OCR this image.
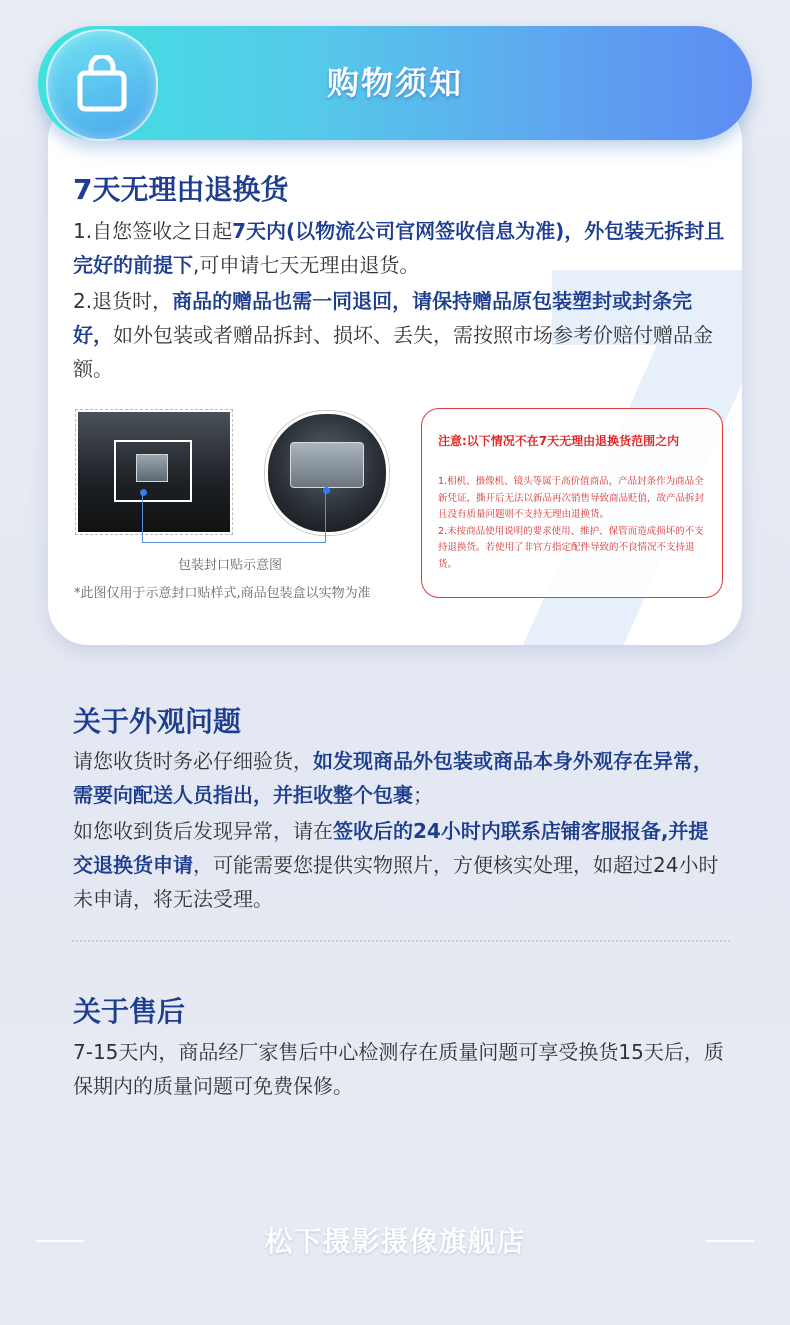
购物须知
7天无理由退换货
1.自您签收之日起7天内(以物流公司官网签收信息为准)，外包装无拆封且完好的前提下,可申请七天无理由退货。
2.退货时，商品的赠品也需一同退回，请保持赠品原包装塑封或封条完好，如外包装或者赠品拆封、损坏、丢失，需按照市场参考价赔付赠品金额。
包装封口贴示意图
*此图仅用于示意封口贴样式,商品包装盒以实物为准
注意:以下情况不在7天无理由退换货范围之内
1.相机、摄像机、镜头等属于高价值商品，产品封条作为商品全新凭证，撕开后无法以新品再次销售导致商品贬值，故产品拆封且没有质量问题则不支持无理由退换货。
2.未按商品使用说明的要求使用、维护、保管而造成损坏的不支持退换货。若使用了非官方指定配件导致的不良情况不支持退货。
关于外观问题
请您收货时务必仔细验货，如发现商品外包装或商品本身外观存在异常，需要向配送人员指出，并拒收整个包裹；
如您收到货后发现异常，请在签收后的24小时内联系店铺客服报备,并提交退换货申请，可能需要您提供实物照片，方便核实处理，如超过24小时未申请，将无法受理。
关于售后
7-15天内，商品经厂家售后中心检测存在质量问题可享受换货15天后，质保期内的质量问题可免费保修。
松下摄影摄像旗舰店
